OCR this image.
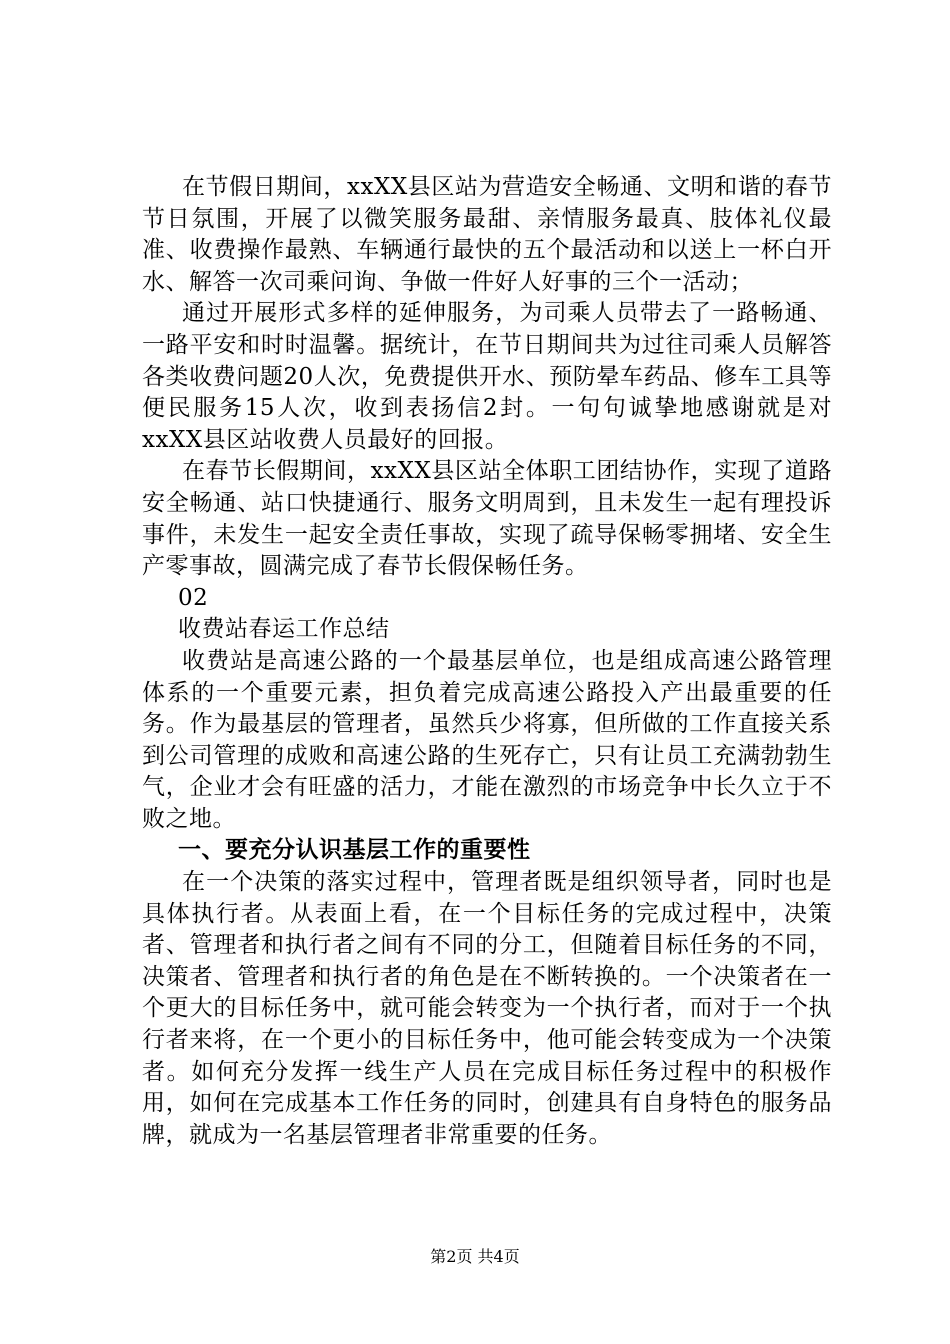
在节假日期间，xxXX县区站为营造安全畅通、文明和谐的春节节日氛围，开展了以微笑服务最甜、亲情服务最真、肢体礼仪最准、收费操作最熟、车辆通行最快的五个最活动和以送上一杯白开水、解答一次司乘问询、争做一件好人好事的三个一活动；

通过开展形式多样的延伸服务，为司乘人员带去了一路畅通、一路平安和时时温馨。据统计，在节日期间共为过往司乘人员解答各类收费问题20人次，免费提供开水、预防晕车药品、修车工具等便民服务15人次，收到表扬信2封。一句句诚挚地感谢就是对xxXX县区站收费人员最好的回报。

在春节长假期间，xxXX县区站全体职工团结协作，实现了道路安全畅通、站口快捷通行、服务文明周到，且未发生一起有理投诉事件，未发生一起安全责任事故，实现了疏导保畅零拥堵、安全生产零事故，圆满完成了春节长假保畅任务。

02

收费站春运工作总结

收费站是高速公路的一个最基层单位，也是组成高速公路管理体系的一个重要元素，担负着完成高速公路投入产出最重要的任务。作为最基层的管理者，虽然兵少将寡，但所做的工作直接关系到公司管理的成败和高速公路的生死存亡，只有让员工充满勃勃生气，企业才会有旺盛的活力，才能在激烈的市场竞争中长久立于不败之地。

一、要充分认识基层工作的重要性

在一个决策的落实过程中，管理者既是组织领导者，同时也是具体执行者。从表面上看，在一个目标任务的完成过程中，决策者、管理者和执行者之间有不同的分工，但随着目标任务的不同，决策者、管理者和执行者的角色是在不断转换的。一个决策者在一个更大的目标任务中，就可能会转变为一个执行者，而对于一个执行者来将，在一个更小的目标任务中，他可能会转变成为一个决策者。如何充分发挥一线生产人员在完成目标任务过程中的积极作用，如何在完成基本工作任务的同时，创建具有自身特色的服务品牌，就成为一名基层管理者非常重要的任务。

第2页 共4页
